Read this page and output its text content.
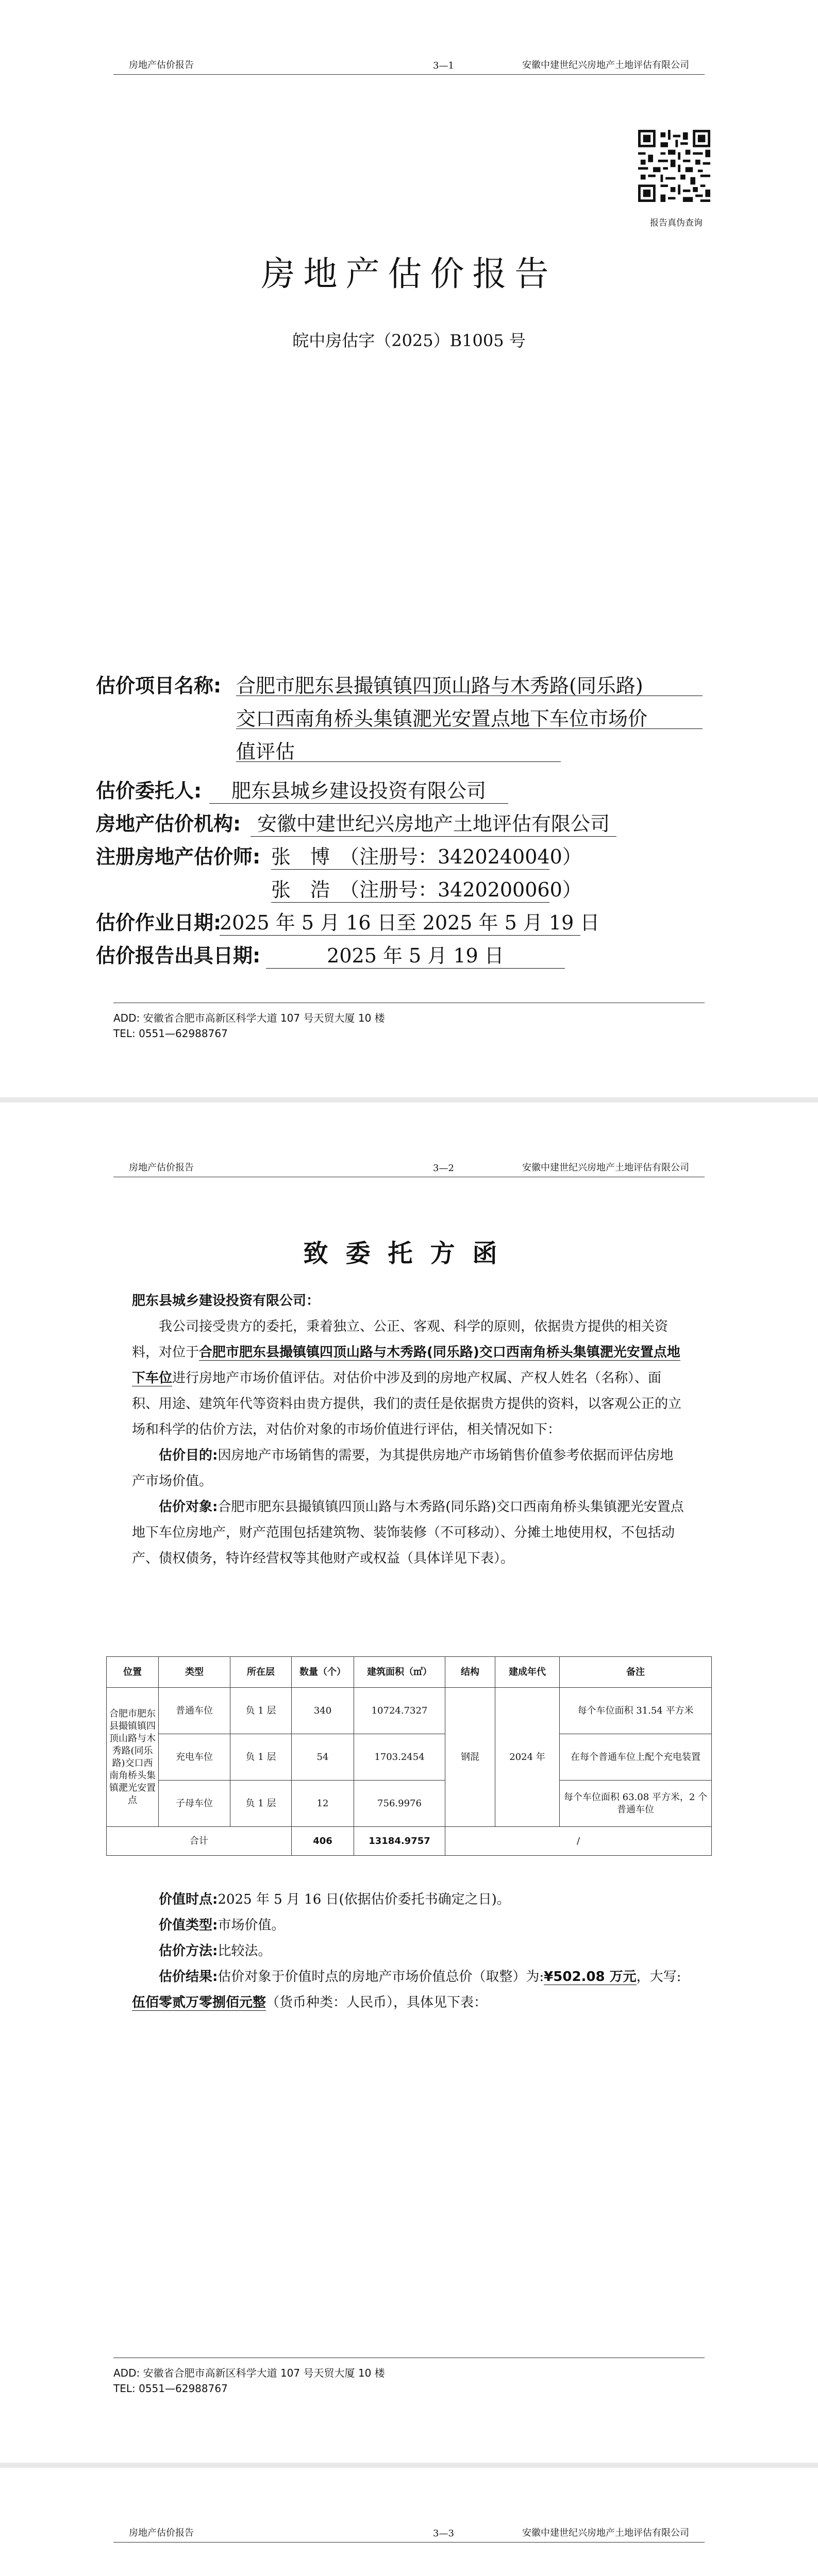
房地产估价报告	3—1	安徽中建世纪兴房地产土地评估有限公司
报告真伪查询
房地产估价报告
皖中房估字（2025）B1005 号
估价项目名称: 合肥市肥东县撮镇镇四顶山路与木秀路(同乐路)
交口西南角桥头集镇淝光安置点地下车位市场价
值评估
估价委托人:	肥东县城乡建设投资有限公司
房地产估价机构: 安徽中建世纪兴房地产土地评估有限公司
注册房地产估价师: 张　博　（注册号：3420240040）
张　浩　（注册号：3420200060）
估价作业日期:
2025 年 5 月 16 日至 2025 年 5 月 19 日
估价报告出具日期:	2025 年 5 月 19 日
ADD: 安徽省合肥市高新区科学大道 107 号天贸大厦 10 楼
TEL: 0551—62988767
房地产估价报告	3—2	安徽中建世纪兴房地产土地评估有限公司
致委托方函
肥东县城乡建设投资有限公司：

我公司接受贵方的委托，秉着独立、公正、客观、科学的原则，依据贵方提供的相关资料，对位于合肥市肥东县撮镇镇四顶山路与木秀路(同乐路)交口西南角桥头集镇淝光安置点地下车位进行房地产市场价值评估。对估价中涉及到的房地产权属、产权人姓名（名称）、面积、用途、建筑年代等资料由贵方提供，我们的责任是依据贵方提供的资料，以客观公正的立场和科学的估价方法，对估价对象的市场价值进行评估，相关情况如下：

估价目的:因房地产市场销售的需要，为其提供房地产市场销售价值参考依据而评估房地产市场价值。

估价对象:合肥市肥东县撮镇镇四顶山路与木秀路(同乐路)交口西南角桥头集镇淝光安置点地下车位房地产，财产范围包括建筑物、装饰装修（不可移动）、分摊土地使用权，不包括动产、债权债务，特许经营权等其他财产或权益（具体详见下表）。

位置	类型	所在层	数量（个）	建筑面积（㎡）	结构	建成年代	备注
合肥市肥东县撮镇镇四顶山路与木秀路(同乐路)交口西南角桥头集镇淝光安置点	普通车位	负 1 层	340	10724.7327	钢混	2024 年	每个车位面积 31.54 平方米
	充电车位	负 1 层	54	1703.2454			在每个普通车位上配个充电装置
	子母车位	负 1 层	12	756.9976			每个车位面积 63.08 平方米，2 个普通车位
合计			406	13184.9757	/		

价值时点:2025 年 5 月 16 日(依据估价委托书确定之日)。

价值类型:市场价值。

估价方法:比较法。

估价结果:估价对象于价值时点的房地产市场价值总价（取整）为:¥502.08 万元，大写:伍佰零贰万零捌佰元整（货币种类：人民币），具体见下表：

ADD: 安徽省合肥市高新区科学大道 107 号天贸大厦 10 楼
TEL: 0551—62988767
房地产估价报告	3—3	安徽中建世纪兴房地产土地评估有限公司
